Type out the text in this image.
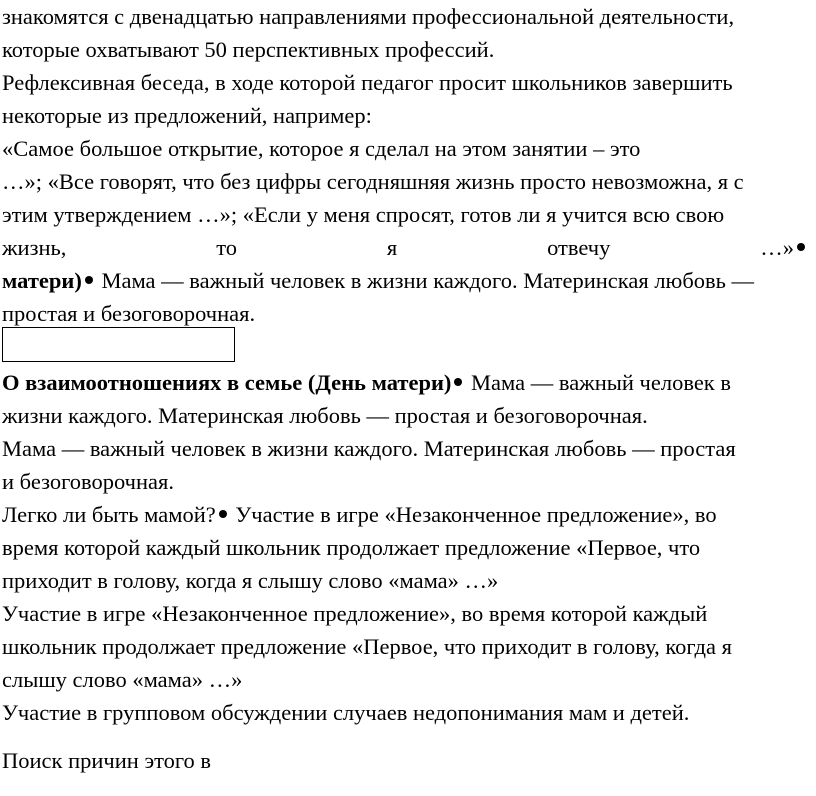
знакомятся с двенадцатью направлениями профессиональной деятельности,
которые охватывают 50 перспективных профессий.
Рефлексивная беседа, в ходе которой педагог просит школьников завершить
некоторые из предложений, например:
«Самое большое открытие, которое я сделал на этом занятии – это
…»; «Все говорят, что без цифры сегодняшняя жизнь просто невозможна, я с
этим утверждением …»; «Если у меня спросят, готов ли я учится всю свою
жизнь,	то	я	отвечу	…»
матери) Мама — важный человек в жизни каждого. Материнская любовь —
простая и безоговорочная.
О взаимоотношениях в семье (День матери) Мама — важный человек в
жизни каждого. Материнская любовь — простая и безоговорочная.
Мама — важный человек в жизни каждого. Материнская любовь — простая
и безоговорочная.
Легко ли быть мамой? Участие в игре «Незаконченное предложение», во
время которой каждый школьник продолжает предложение «Первое, что
приходит в голову, когда я слышу слово «мама» …»
Участие в игре «Незаконченное предложение», во время которой каждый
школьник продолжает предложение «Первое, что приходит в голову, когда я
слышу слово «мама» …»
Участие в групповом обсуждении случаев недопонимания мам и детей.
Поиск причин этого в
